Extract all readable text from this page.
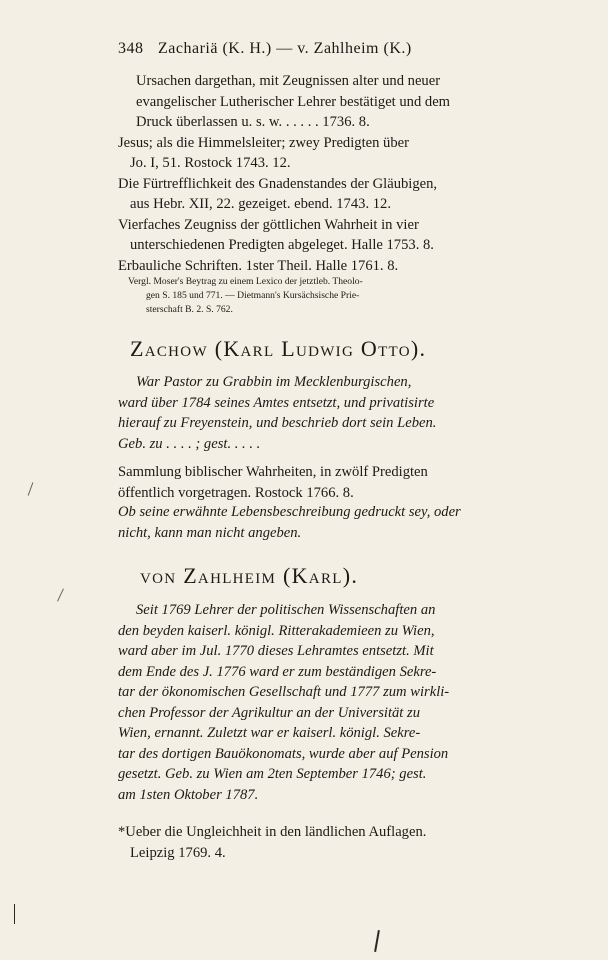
348 Zachariä (K. H.) — v. Zahlheim (K.)
Ursachen dargethan, mit Zeugnissen alter und neuer
evangelischer Lutherischer Lehrer bestätiget und dem
Druck überlassen u. s. w. . . . . . 1736. 8.
Jesus; als die Himmelsleiter; zwey Predigten über
Jo. I, 51. Rostock 1743. 12.
Die Fürtrefflichkeit des Gnadenstandes der Gläubigen,
aus Hebr. XII, 22. gezeiget. ebend. 1743. 12.
Vierfaches Zeugniss der göttlichen Wahrheit in vier
unterschiedenen Predigten abgeleget. Halle 1753. 8.
Erbauliche Schriften. 1ster Theil. Halle 1761. 8.
Vergl. Moser's Beytrag zu einem Lexico der jetztleb. Theolo-
gen S. 185 und 771. — Dietmann's Kursächsische Prie-
sterschaft B. 2. S. 762.
Zachow (Karl Ludwig Otto).
War Pastor zu Grabbin im Mecklenburgischen,
ward über 1784 seines Amtes entsetzt, und privatisirte
hierauf zu Freyenstein, und beschrieb dort sein Leben.
Geb. zu . . . . ; gest. . . . .
Sammlung biblischer Wahrheiten, in zwölf Predigten
öffentlich vorgetragen. Rostock 1766. 8.
Ob seine erwähnte Lebensbeschreibung gedruckt sey, oder
nicht, kann man nicht angeben.
von Zahlheim (Karl).
Seit 1769 Lehrer der politischen Wissenschaften an
den beyden kaiserl. königl. Ritterakademieen zu Wien,
ward aber im Jul. 1770 dieses Lehramtes entsetzt. Mit
dem Ende des J. 1776 ward er zum beständigen Sekre-
tar der ökonomischen Gesellschaft und 1777 zum wirkli-
chen Professor der Agrikultur an der Universität zu
Wien, ernannt. Zuletzt war er kaiserl. königl. Sekre-
tar des dortigen Bauökonomats, wurde aber auf Pension
gesetzt. Geb. zu Wien am 2ten September 1746; gest.
am 1sten Oktober 1787.
*Ueber die Ungleichheit in den ländlichen Auflagen.
Leipzig 1769. 4.
